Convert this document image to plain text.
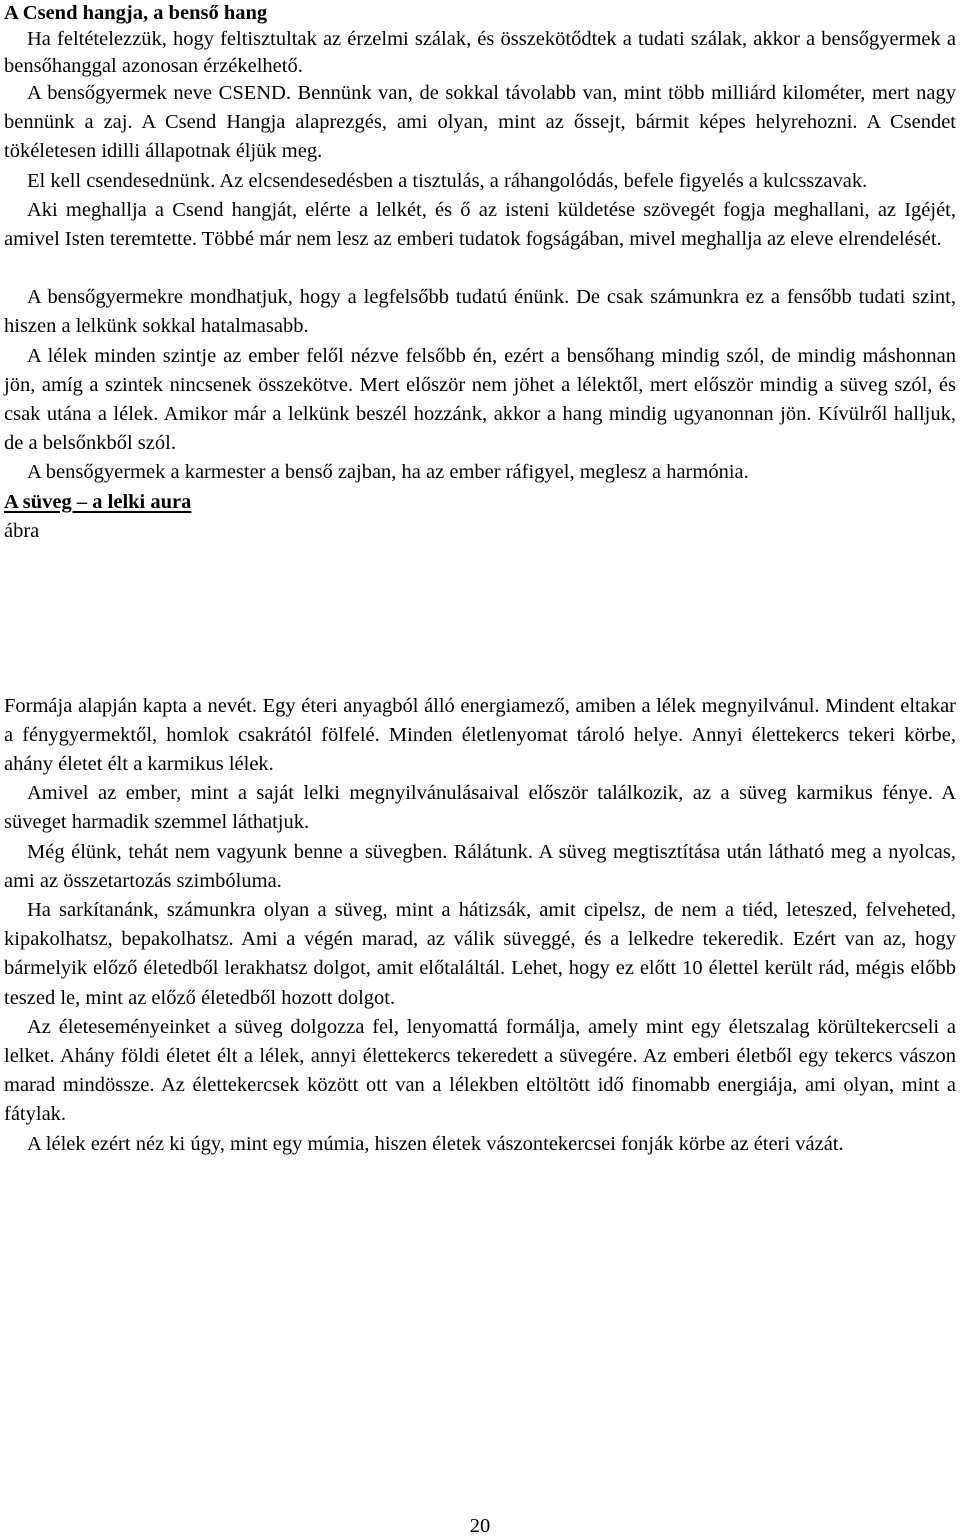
A Csend hangja, a benső hang

Ha feltételezzük, hogy feltisztultak az érzelmi szálak, és összekötődtek a tudati szálak, akkor a bensőgyermek a bensőhanggal azonosan érzékelhető.

A bensőgyermek neve CSEND. Bennünk van, de sokkal távolabb van, mint több milliárd kilométer, mert nagy bennünk a zaj. A Csend Hangja alaprezgés, ami olyan, mint az őssejt, bármit képes helyrehozni. A Csendet tökéletesen idilli állapotnak éljük meg.

El kell csendesednünk. Az elcsendesedésben a tisztulás, a ráhangolódás, befele figyelés a kulcsszavak.

Aki meghallja a Csend hangját, elérte a lelkét, és ő az isteni küldetése szövegét fogja meghallani, az Igéjét, amivel Isten teremtette. Többé már nem lesz az emberi tudatok fogságában, mivel meghallja az eleve elrendelését.

A bensőgyermekre mondhatjuk, hogy a legfelsőbb tudatú énünk. De csak számunkra ez a fensőbb tudati szint, hiszen a lelkünk sokkal hatalmasabb.

A lélek minden szintje az ember felől nézve felsőbb én, ezért a bensőhang mindig szól, de mindig máshonnan jön, amíg a szintek nincsenek összekötve. Mert először nem jöhet a lélektől, mert először mindig a süveg szól, és csak utána a lélek. Amikor már a lelkünk beszél hozzánk, akkor a hang mindig ugyanonnan jön. Kívülről halljuk, de a belsőnkből szól.

A bensőgyermek a karmester a benső zajban, ha az ember ráfigyel, meglesz a harmónia.

A süveg – a lelki aura

ábra

Formája alapján kapta a nevét. Egy éteri anyagból álló energiamező, amiben a lélek megnyilvánul. Mindent eltakar a fénygyermektől, homlok csakrától fölfelé. Minden életlenyomat tároló helye. Annyi élettekercs tekeri körbe, ahány életet élt a karmikus lélek.

Amivel az ember, mint a saját lelki megnyilvánulásaival először találkozik, az a süveg karmikus fénye. A süveget harmadik szemmel láthatjuk.

Még élünk, tehát nem vagyunk benne a süvegben. Rálátunk. A süveg megtisztítása után látható meg a nyolcas, ami az összetartozás szimbóluma.

Ha sarkítanánk, számunkra olyan a süveg, mint a hátizsák, amit cipelsz, de nem a tiéd, leteszed, felveheted, kipakolhatsz, bepakolhatsz. Ami a végén marad, az válik süveggé, és a lelkedre tekeredik. Ezért van az, hogy bármelyik előző életedből lerakhatsz dolgot, amit előtaláltál. Lehet, hogy ez előtt 10 élettel került rád, mégis előbb teszed le, mint az előző életedből hozott dolgot.

Az életeseményeinket a süveg dolgozza fel, lenyomattá formálja, amely mint egy életszalag körültekercseli a lelket. Ahány földi életet élt a lélek, annyi élettekercs tekeredett a süvegére. Az emberi életből egy tekercs vászon marad mindössze. Az élettekercsek között ott van a lélekben eltöltött idő finomabb energiája, ami olyan, mint a fátylak.

A lélek ezért néz ki úgy, mint egy múmia, hiszen életek vászontekercsei fonják körbe az éteri vázát.

20
